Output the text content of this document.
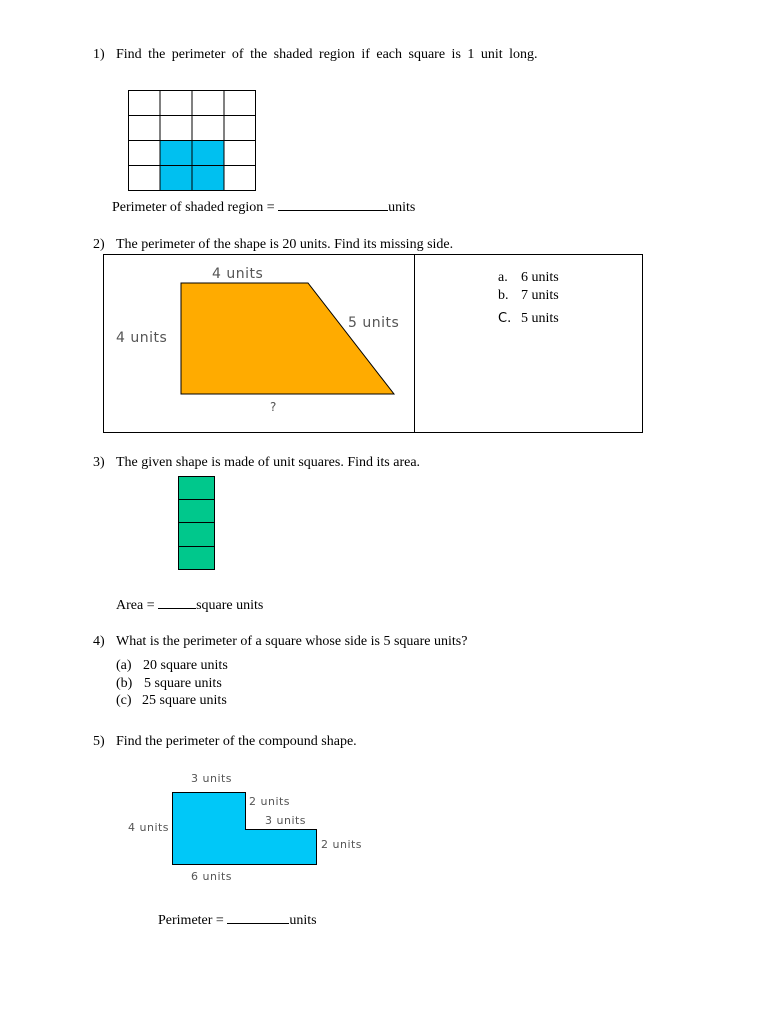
1) Find the perimeter of the shaded region if each square is 1 unit long.
Perimeter of shaded region =	units
2) The perimeter of the shape is 20 units. Find its missing side.
4 units
4 units
5 units
?
a. 6 units
b. 7 units
C. 5 units
3) The given shape is made of unit squares. Find its area.
Area =	square units
4) What is the perimeter of a square whose side is 5 square units?
(a) 20 square units
(b) 5 square units
(c) 25 square units
5) Find the perimeter of the compound shape.
3 units
2 units
3 units
4 units
2 units
6 units
Perimeter =	units
